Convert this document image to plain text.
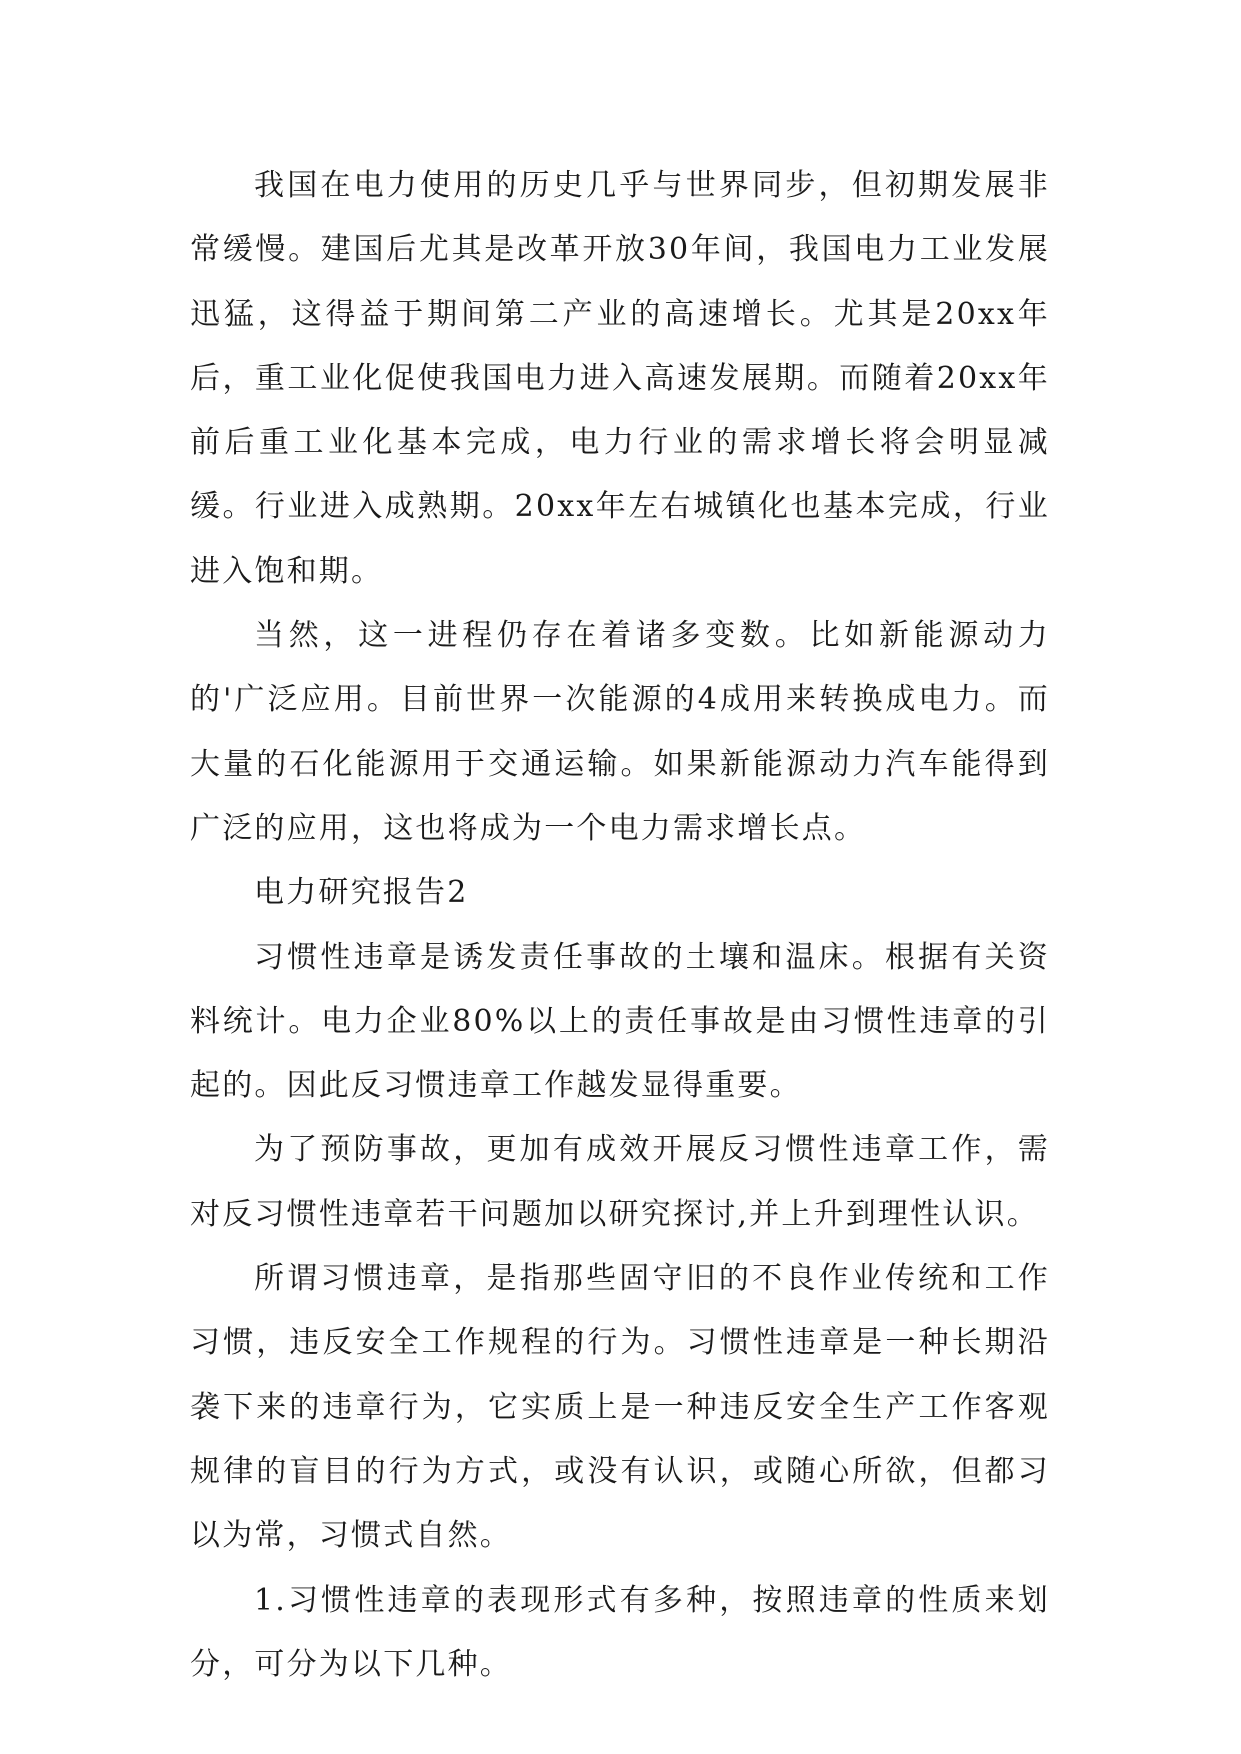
我国在电力使用的历史几乎与世界同步，但初期发展非常缓慢。建国后尤其是改革开放30年间，我国电力工业发展迅猛，这得益于期间第二产业的高速增长。尤其是20xx年后，重工业化促使我国电力进入高速发展期。而随着20xx年前后重工业化基本完成，电力行业的需求增长将会明显减缓。行业进入成熟期。20xx年左右城镇化也基本完成，行业进入饱和期。

当然，这一进程仍存在着诸多变数。比如新能源动力的'广泛应用。目前世界一次能源的4成用来转换成电力。而大量的石化能源用于交通运输。如果新能源动力汽车能得到广泛的应用，这也将成为一个电力需求增长点。

电力研究报告2

习惯性违章是诱发责任事故的土壤和温床。根据有关资料统计。电力企业80%以上的责任事故是由习惯性违章的引起的。因此反习惯违章工作越发显得重要。

为了预防事故，更加有成效开展反习惯性违章工作，需对反习惯性违章若干问题加以研究探讨,并上升到理性认识。

所谓习惯违章，是指那些固守旧的不良作业传统和工作习惯，违反安全工作规程的行为。习惯性违章是一种长期沿袭下来的违章行为，它实质上是一种违反安全生产工作客观规律的盲目的行为方式，或没有认识，或随心所欲，但都习以为常，习惯式自然。

1.习惯性违章的表现形式有多种，按照违章的性质来划分，可分为以下几种。
